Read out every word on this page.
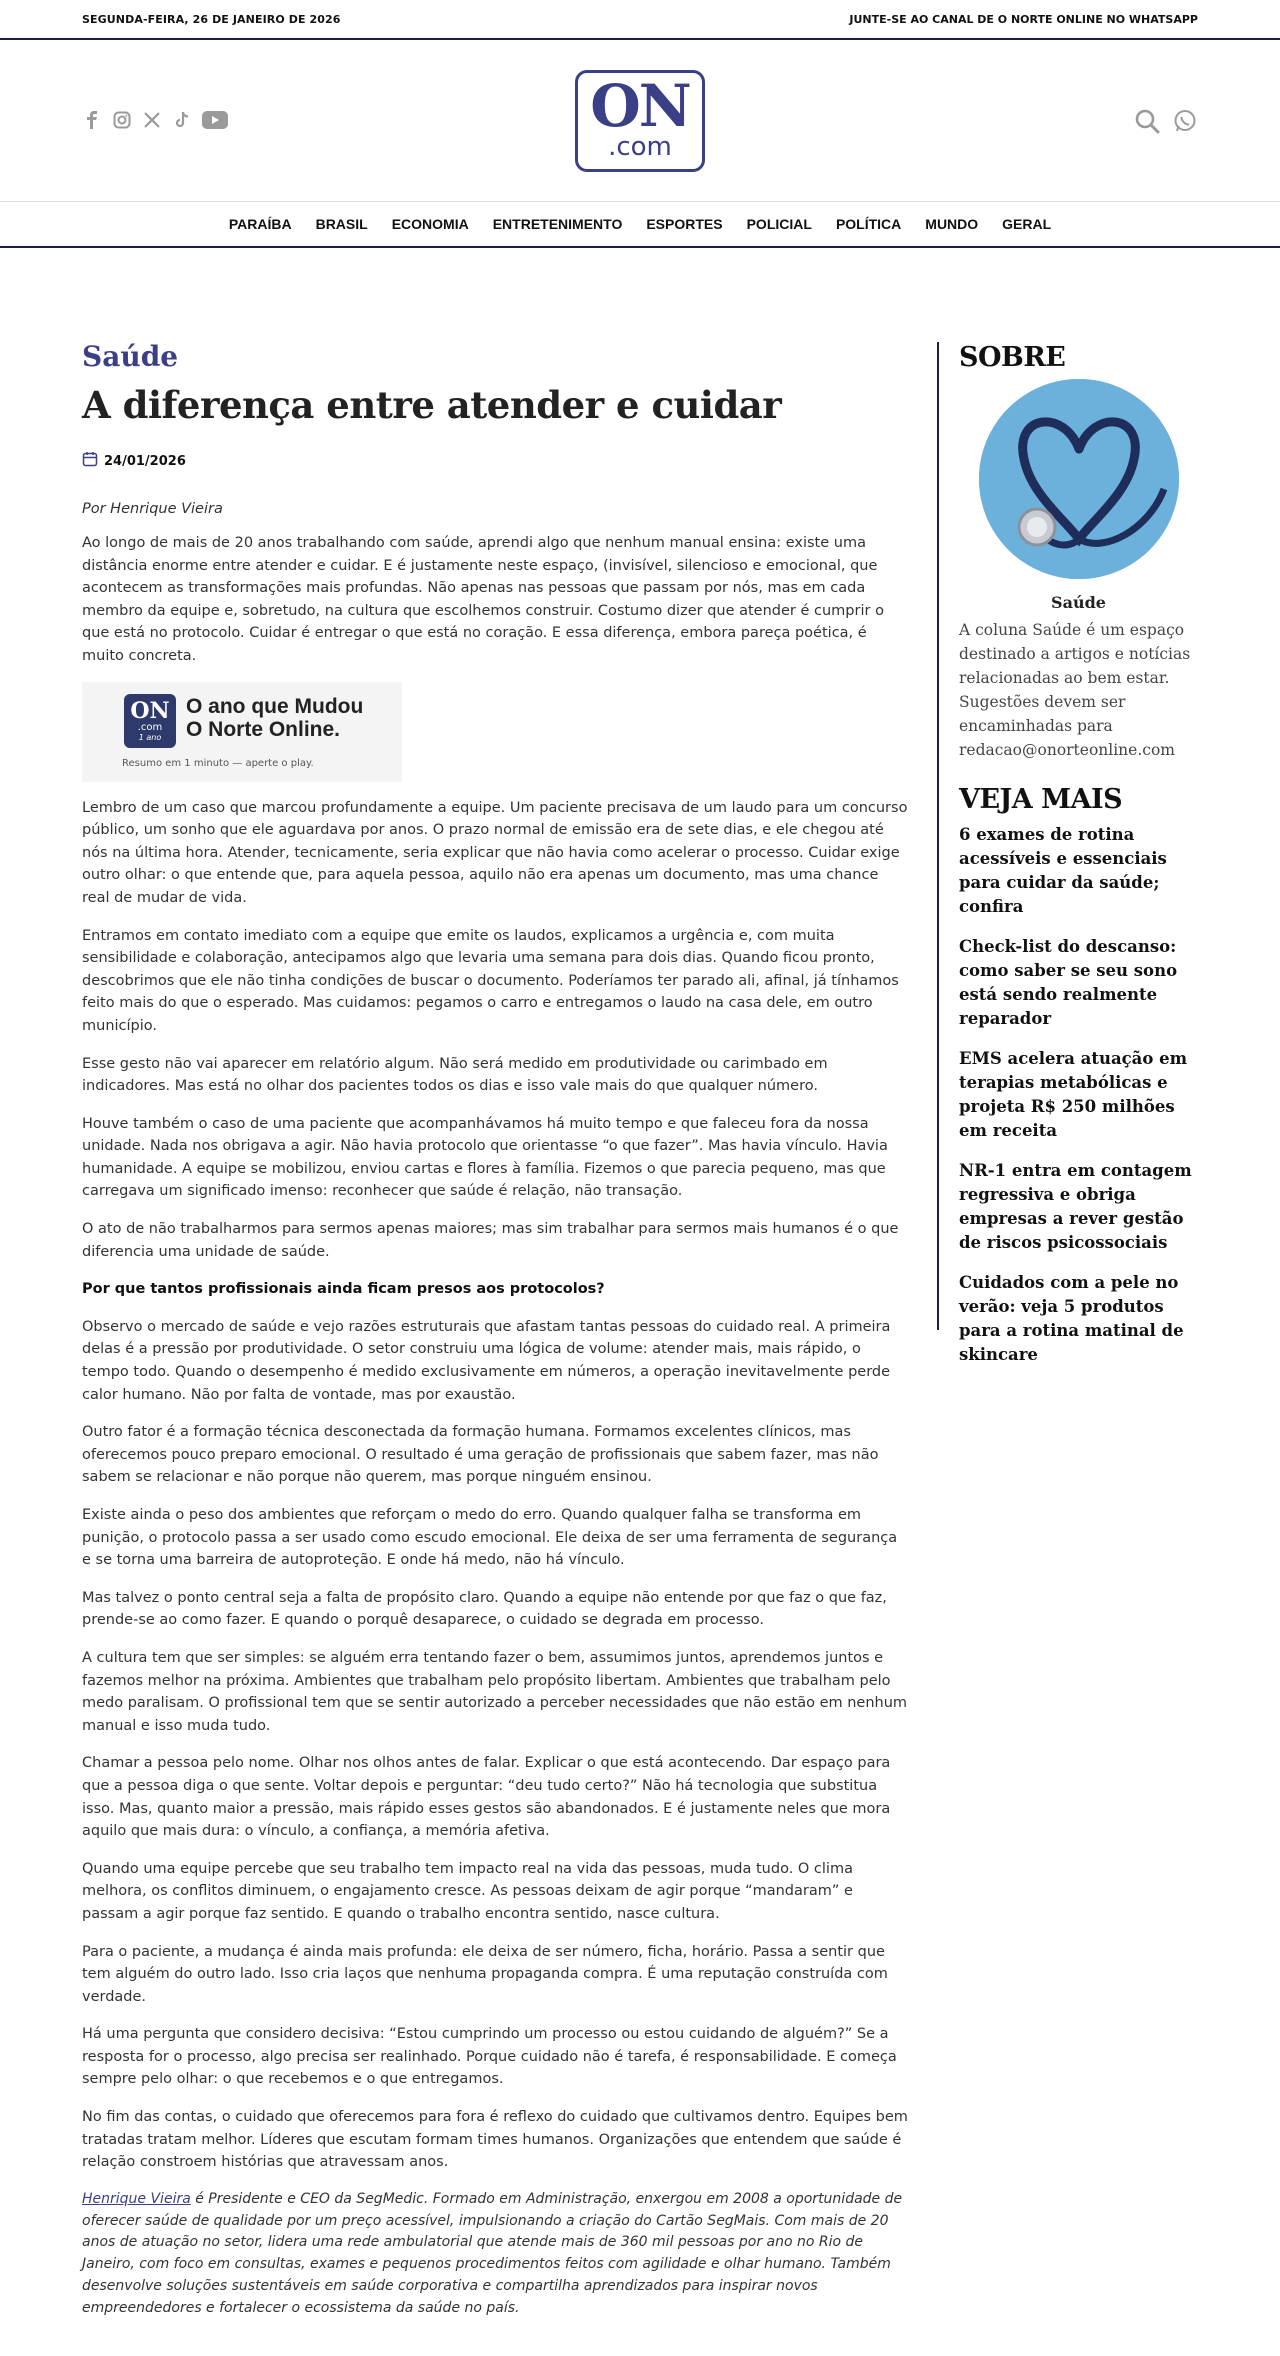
SEGUNDA-FEIRA, 26 DE JANEIRO DE 2026	JUNTE-SE AO CANAL DE O NORTE ONLINE NO WHATSAPP
ON
.com
PARAÍBA BRASIL ECONOMIA ENTRETENIMENTO ESPORTES POLICIAL POLÍTICA MUNDO GERAL
Saúde
A diferença entre atender e cuidar
24/01/2026
Por Henrique Vieira

Ao longo de mais de 20 anos trabalhando com saúde, aprendi algo que nenhum manual ensina: existe uma distância enorme entre atender e cuidar. E é justamente neste espaço, (invisível, silencioso e emocional, que acontecem as transformações mais profundas. Não apenas nas pessoas que passam por nós, mas em cada membro da equipe e, sobretudo, na cultura que escolhemos construir. Costumo dizer que atender é cumprir o que está no protocolo. Cuidar é entregar o que está no coração. E essa diferença, embora pareça poética, é muito concreta.

ON
.com
1 ano
O ano que Mudou
O Norte Online.
Resumo em 1 minuto — aperte o play.

Lembro de um caso que marcou profundamente a equipe. Um paciente precisava de um laudo para um concurso público, um sonho que ele aguardava por anos. O prazo normal de emissão era de sete dias, e ele chegou até nós na última hora. Atender, tecnicamente, seria explicar que não havia como acelerar o processo. Cuidar exige outro olhar: o que entende que, para aquela pessoa, aquilo não era apenas um documento, mas uma chance real de mudar de vida.

Entramos em contato imediato com a equipe que emite os laudos, explicamos a urgência e, com muita sensibilidade e colaboração, antecipamos algo que levaria uma semana para dois dias. Quando ficou pronto, descobrimos que ele não tinha condições de buscar o documento. Poderíamos ter parado ali, afinal, já tínhamos feito mais do que o esperado. Mas cuidamos: pegamos o carro e entregamos o laudo na casa dele, em outro município.

Esse gesto não vai aparecer em relatório algum. Não será medido em produtividade ou carimbado em indicadores. Mas está no olhar dos pacientes todos os dias e isso vale mais do que qualquer número.

Houve também o caso de uma paciente que acompanhávamos há muito tempo e que faleceu fora da nossa unidade. Nada nos obrigava a agir. Não havia protocolo que orientasse “o que fazer”. Mas havia vínculo. Havia humanidade. A equipe se mobilizou, enviou cartas e flores à família. Fizemos o que parecia pequeno, mas que carregava um significado imenso: reconhecer que saúde é relação, não transação.

O ato de não trabalharmos para sermos apenas maiores; mas sim trabalhar para sermos mais humanos é o que diferencia uma unidade de saúde.

Por que tantos profissionais ainda ficam presos aos protocolos?

Observo o mercado de saúde e vejo razões estruturais que afastam tantas pessoas do cuidado real. A primeira delas é a pressão por produtividade. O setor construiu uma lógica de volume: atender mais, mais rápido, o tempo todo. Quando o desempenho é medido exclusivamente em números, a operação inevitavelmente perde calor humano. Não por falta de vontade, mas por exaustão.

Outro fator é a formação técnica desconectada da formação humana. Formamos excelentes clínicos, mas oferecemos pouco preparo emocional. O resultado é uma geração de profissionais que sabem fazer, mas não sabem se relacionar e não porque não querem, mas porque ninguém ensinou.

Existe ainda o peso dos ambientes que reforçam o medo do erro. Quando qualquer falha se transforma em punição, o protocolo passa a ser usado como escudo emocional. Ele deixa de ser uma ferramenta de segurança e se torna uma barreira de autoproteção. E onde há medo, não há vínculo.

Mas talvez o ponto central seja a falta de propósito claro. Quando a equipe não entende por que faz o que faz, prende-se ao como fazer. E quando o porquê desaparece, o cuidado se degrada em processo.

A cultura tem que ser simples: se alguém erra tentando fazer o bem, assumimos juntos, aprendemos juntos e fazemos melhor na próxima. Ambientes que trabalham pelo propósito libertam. Ambientes que trabalham pelo medo paralisam. O profissional tem que se sentir autorizado a perceber necessidades que não estão em nenhum manual e isso muda tudo.

Chamar a pessoa pelo nome. Olhar nos olhos antes de falar. Explicar o que está acontecendo. Dar espaço para que a pessoa diga o que sente. Voltar depois e perguntar: “deu tudo certo?” Não há tecnologia que substitua isso. Mas, quanto maior a pressão, mais rápido esses gestos são abandonados. E é justamente neles que mora aquilo que mais dura: o vínculo, a confiança, a memória afetiva.

Quando uma equipe percebe que seu trabalho tem impacto real na vida das pessoas, muda tudo. O clima melhora, os conflitos diminuem, o engajamento cresce. As pessoas deixam de agir porque “mandaram” e passam a agir porque faz sentido. E quando o trabalho encontra sentido, nasce cultura.

Para o paciente, a mudança é ainda mais profunda: ele deixa de ser número, ficha, horário. Passa a sentir que tem alguém do outro lado. Isso cria laços que nenhuma propaganda compra. É uma reputação construída com verdade.

Há uma pergunta que considero decisiva: “Estou cumprindo um processo ou estou cuidando de alguém?” Se a resposta for o processo, algo precisa ser realinhado. Porque cuidado não é tarefa, é responsabilidade. E começa sempre pelo olhar: o que recebemos e o que entregamos.

No fim das contas, o cuidado que oferecemos para fora é reflexo do cuidado que cultivamos dentro. Equipes bem tratadas tratam melhor. Líderes que escutam formam times humanos. Organizações que entendem que saúde é relação constroem histórias que atravessam anos.

Henrique Vieira é Presidente e CEO da SegMedic. Formado em Administração, enxergou em 2008 a oportunidade de oferecer saúde de qualidade por um preço acessível, impulsionando a criação do Cartão SegMais. Com mais de 20 anos de atuação no setor, lidera uma rede ambulatorial que atende mais de 360 mil pessoas por ano no Rio de Janeiro, com foco em consultas, exames e pequenos procedimentos feitos com agilidade e olhar humano. Também desenvolve soluções sustentáveis em saúde corporativa e compartilha aprendizados para inspirar novos empreendedores e fortalecer o ecossistema da saúde no país.
SOBRE
Saúde

A coluna Saúde é um espaço destinado a artigos e notícias relacionadas ao bem estar. Sugestões devem ser encaminhadas para redacao@onorteonline.com

VEJA MAIS
6 exames de rotina acessíveis e essenciais para cuidar da saúde; confira
Check-list do descanso: como saber se seu sono está sendo realmente reparador
EMS acelera atuação em terapias metabólicas e projeta R$ 250 milhões em receita
NR-1 entra em contagem regressiva e obriga empresas a rever gestão de riscos psicossociais
Cuidados com a pele no verão: veja 5 produtos para a rotina matinal de skincare
